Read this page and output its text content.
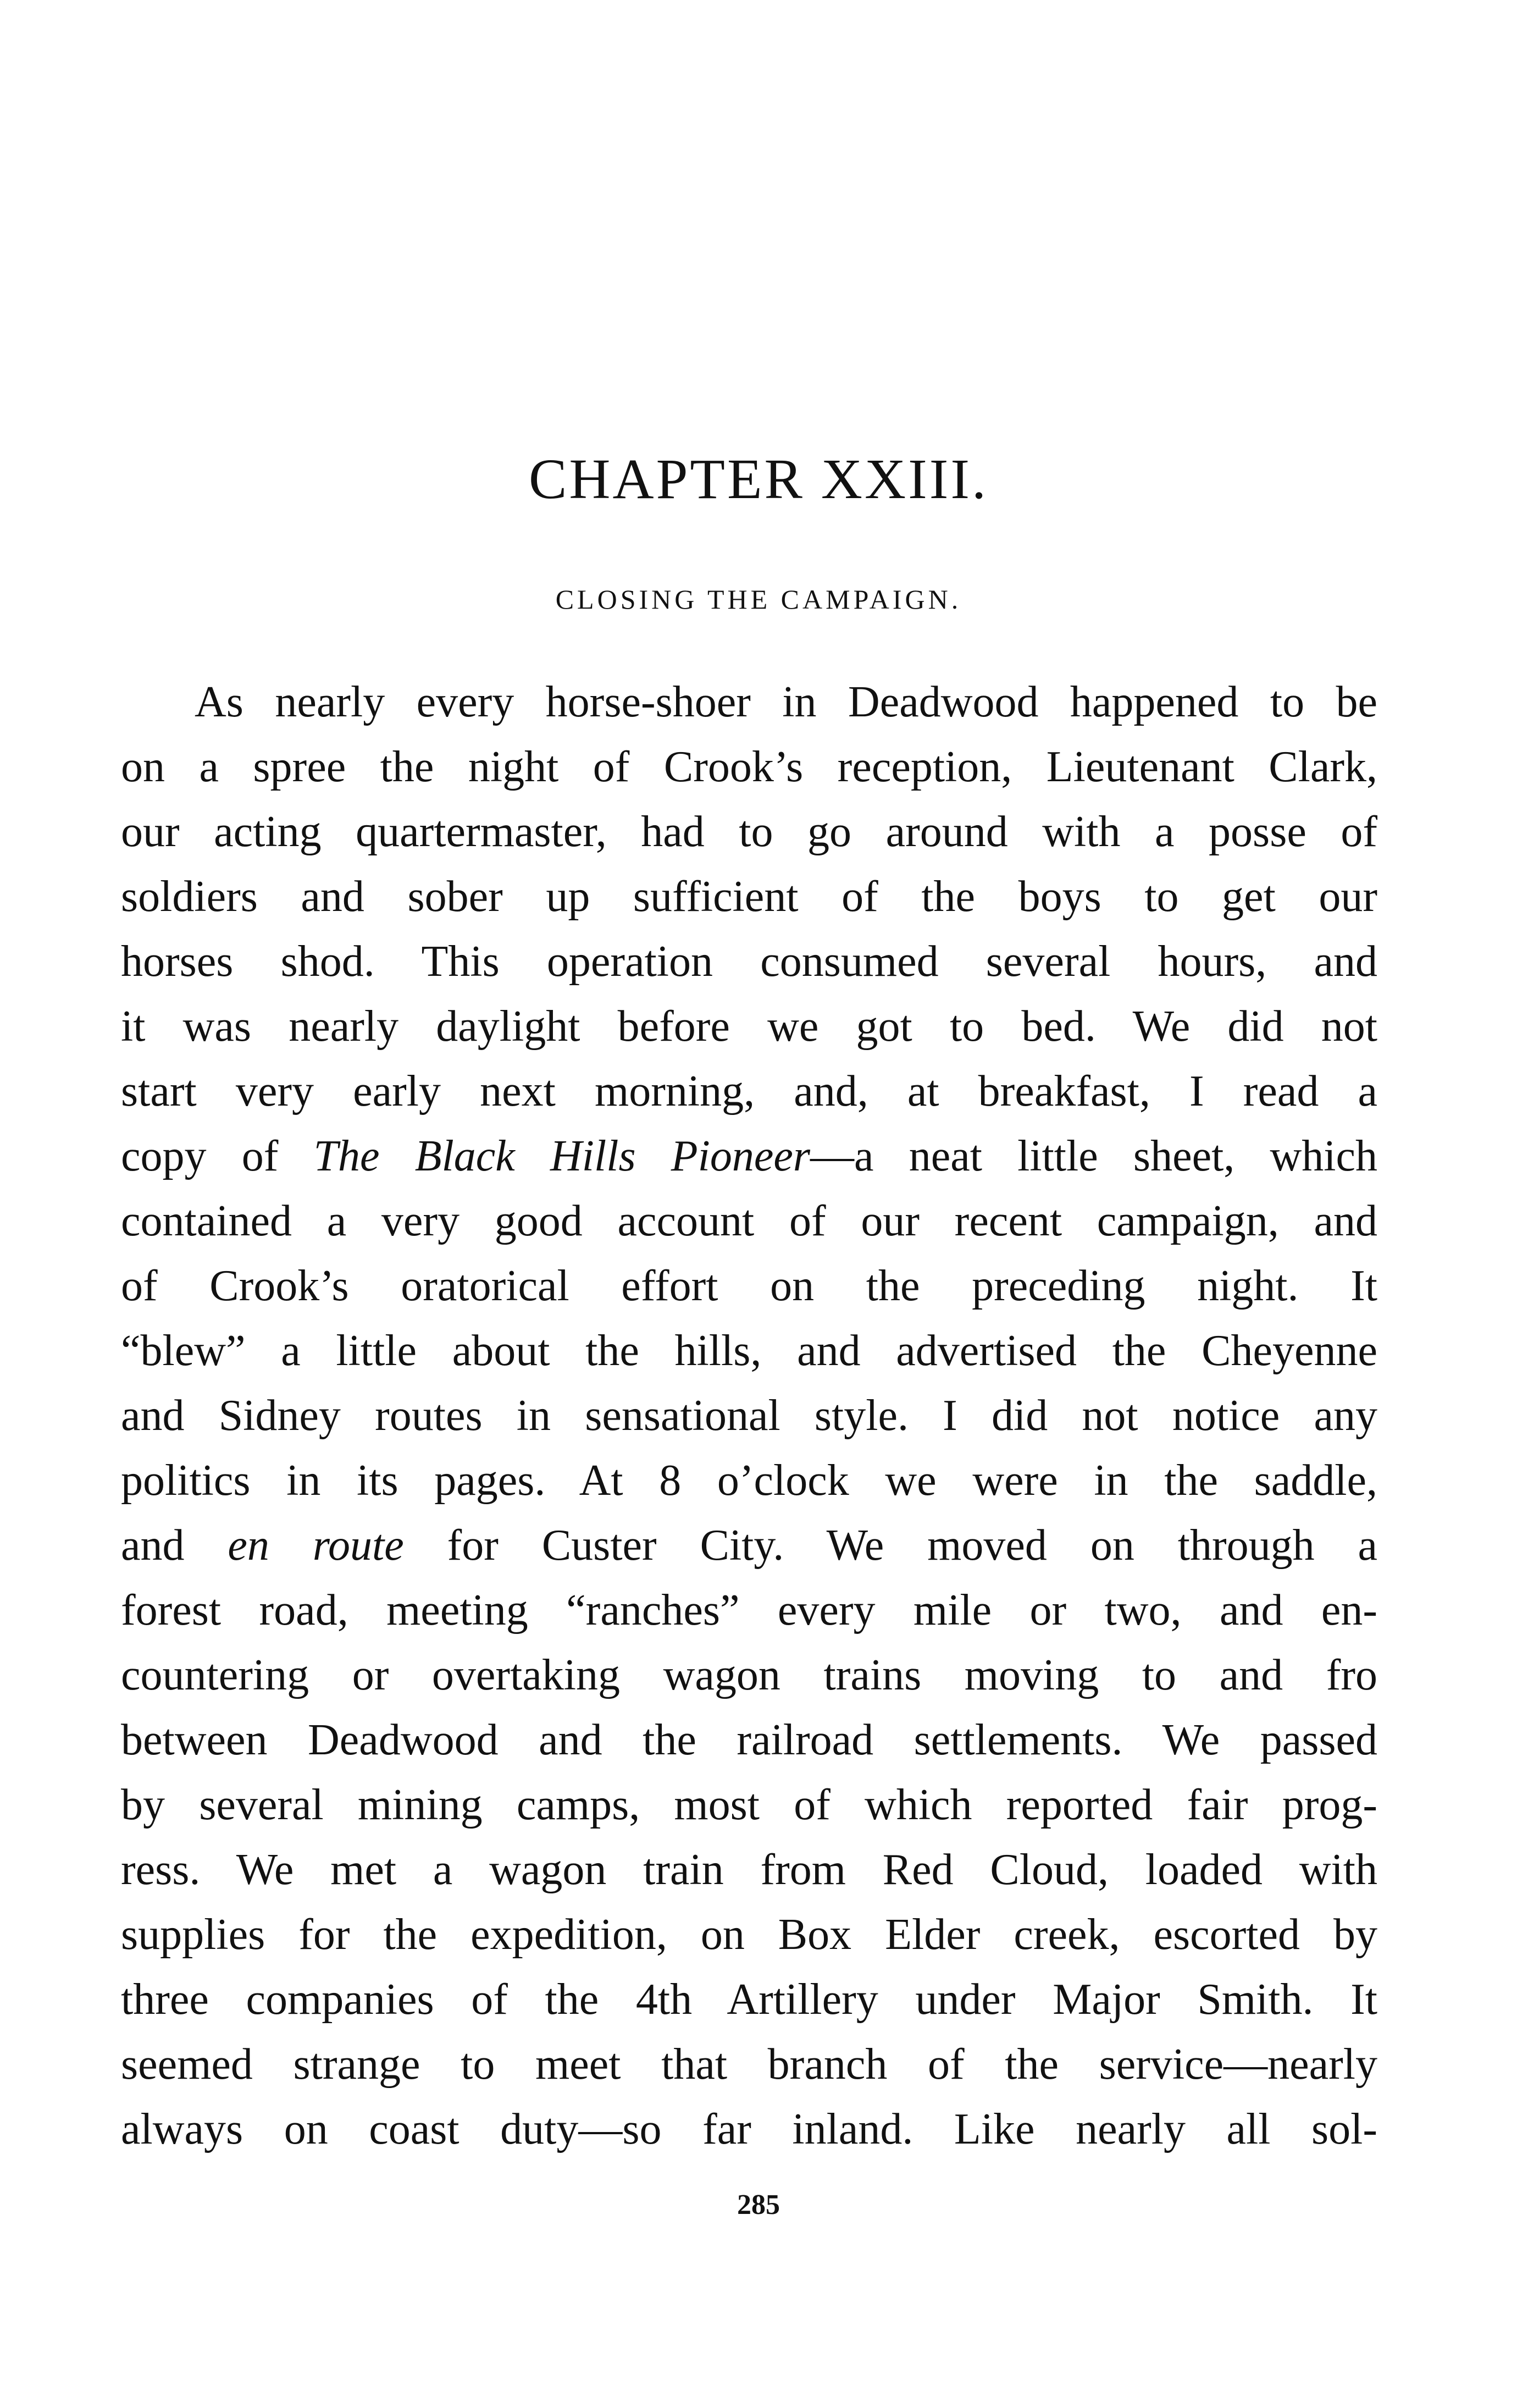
CHAPTER XXIII.
CLOSING THE CAMPAIGN.
As nearly every horse-shoer in Deadwood happened to be
on a spree the night of Crook’s reception, Lieutenant Clark,
our acting quartermaster, had to go around with a posse of
soldiers and sober up sufficient of the boys to get our
horses shod. This operation consumed several hours, and
it was nearly daylight before we got to bed. We did not
start very early next morning, and, at breakfast, I read a
copy of The Black Hills Pioneer—a neat little sheet, which
contained a very good account of our recent campaign, and
of Crook’s oratorical effort on the preceding night. It
“blew” a little about the hills, and advertised the Cheyenne
and Sidney routes in sensational style. I did not notice any
politics in its pages. At 8 o’clock we were in the saddle,
and en route for Custer City. We moved on through a
forest road, meeting “ranches” every mile or two, and en-
countering or overtaking wagon trains moving to and fro
between Deadwood and the railroad settlements. We passed
by several mining camps, most of which reported fair prog-
ress. We met a wagon train from Red Cloud, loaded with
supplies for the expedition, on Box Elder creek, escorted by
three companies of the 4th Artillery under Major Smith. It
seemed strange to meet that branch of the service—nearly
always on coast duty—so far inland. Like nearly all sol-
285
